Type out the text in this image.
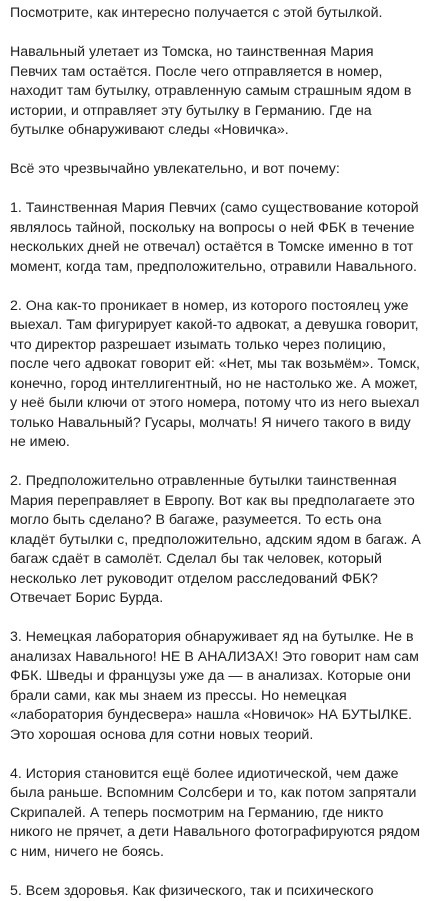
Посмотрите, как интересно получается с этой бутылкой.

Навальный улетает из Томска, но таинственная Мария Певчих там остаётся. После чего отправляется в номер, находит там бутылку, отравленную самым страшным ядом в истории, и отправляет эту бутылку в Германию. Где на бутылке обнаруживают следы «Новичка».

Всё это чрезвычайно увлекательно, и вот почему:

1. Таинственная Мария Певчих (само существование которой являлось тайной, поскольку на вопросы о ней ФБК в течение нескольких дней не отвечал) остаётся в Томске именно в тот момент, когда там, предположительно, отравили Навального.

2. Она как-то проникает в номер, из которого постоялец уже выехал. Там фигурирует какой-то адвокат, а девушка говорит, что директор разрешает изымать только через полицию, после чего адвокат говорит ей: «Нет, мы так возьмём». Томск, конечно, город интеллигентный, но не настолько же. А может, у неё были ключи от этого номера, потому что из него выехал только Навальный? Гусары, молчать! Я ничего такого в виду не имею.

2. Предположительно отравленные бутылки таинственная Мария переправляет в Европу. Вот как вы предполагаете это могло быть сделано? В багаже, разумеется. То есть она кладёт бутылки с, предположительно, адским ядом в багаж. А багаж сдаёт в самолёт. Сделал бы так человек, который несколько лет руководит отделом расследований ФБК? Отвечает Борис Бурда.

3. Немецкая лаборатория обнаруживает яд на бутылке. Не в анализах Навального! НЕ В АНАЛИЗАХ! Это говорит нам сам ФБК. Шведы и французы уже да — в анализах. Которые они брали сами, как мы знаем из прессы. Но немецкая «лаборатория бундесвера» нашла «Новичок» НА БУТЫЛКЕ. Это хорошая основа для сотни новых теорий.

4. История становится ещё более идиотической, чем даже была раньше. Вспомним Солсбери и то, как потом запрятали Скрипалей. А теперь посмотрим на Германию, где никто никого не прячет, а дети Навального фотографируются рядом с ним, ничего не боясь.

5. Всем здоровья. Как физического, так и психического
